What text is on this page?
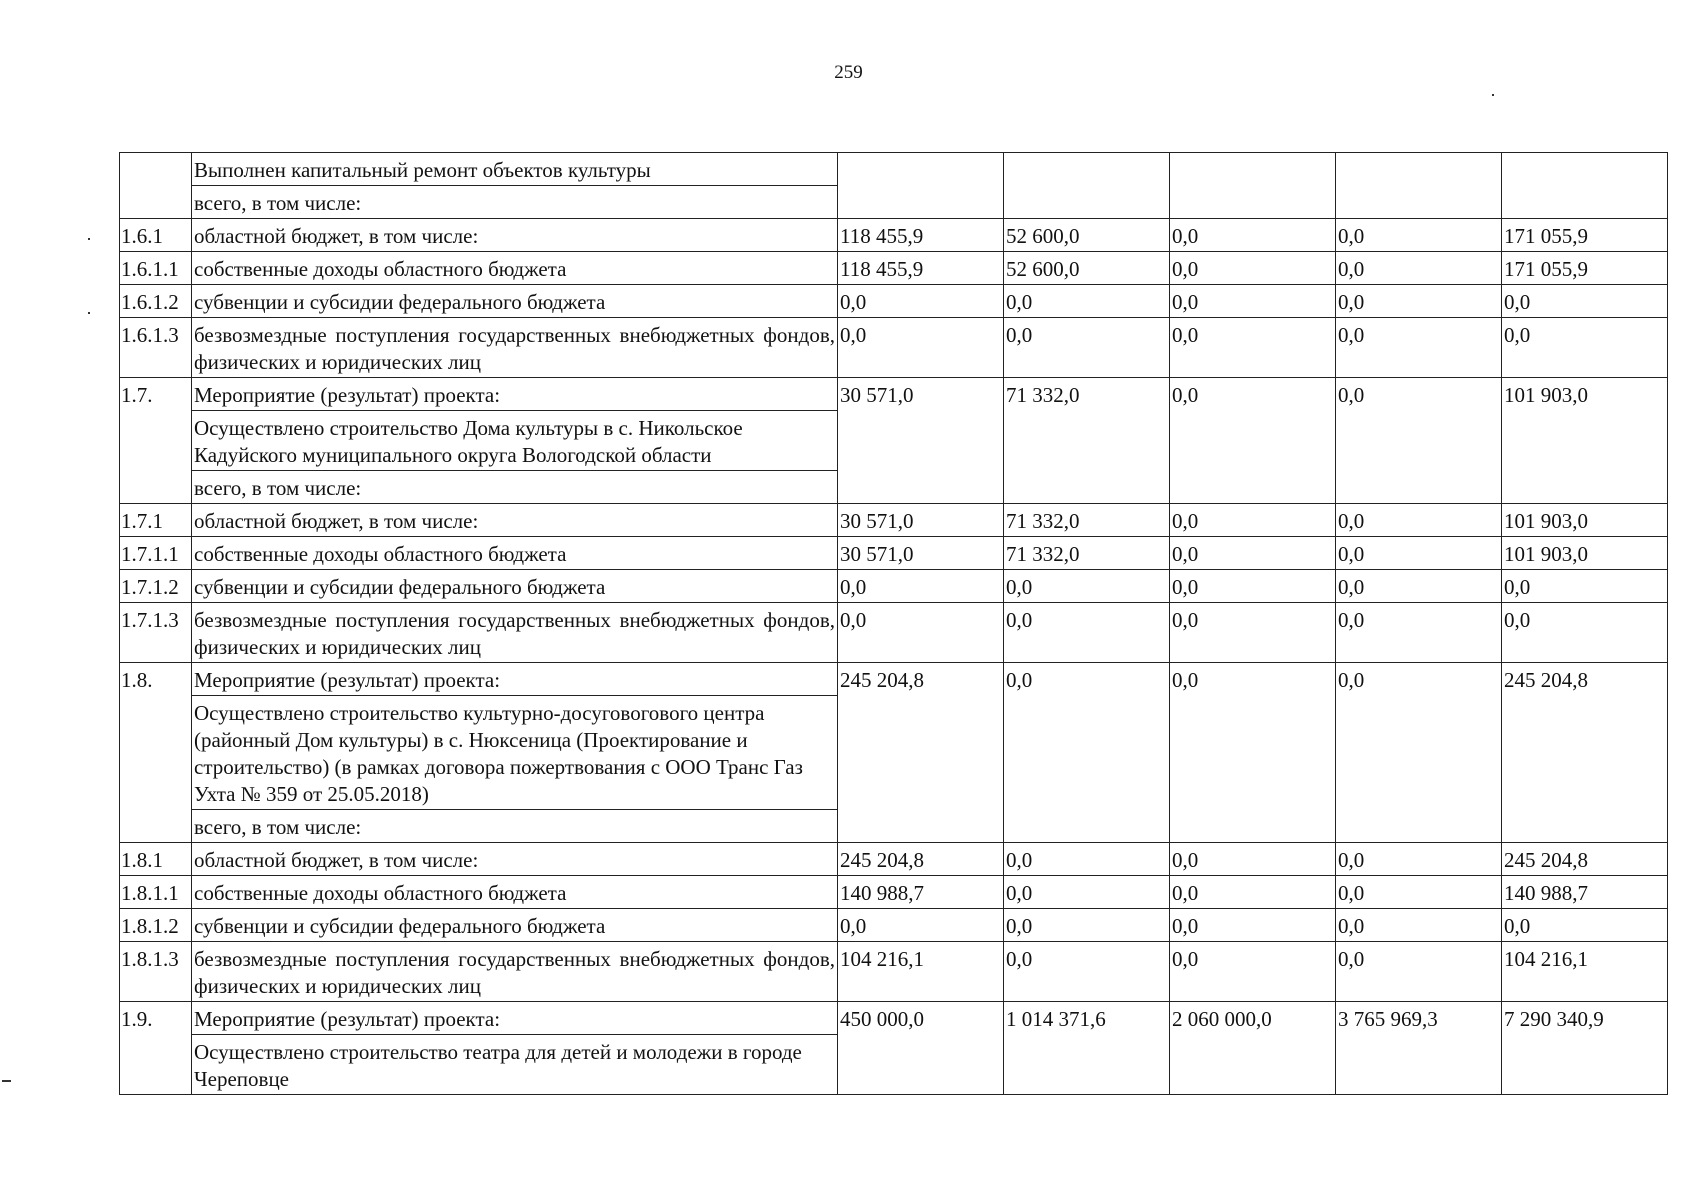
259
	Выполнен капитальный ремонт объектов культуры					
	всего, в том числе:					
1.6.1	областной бюджет, в том числе:	118 455,9	52 600,0	0,0	0,0	171 055,9
1.6.1.1	собственные доходы областного бюджета	118 455,9	52 600,0	0,0	0,0	171 055,9
1.6.1.2	субвенции и субсидии федерального бюджета	0,0	0,0	0,0	0,0	0,0
1.6.1.3	безвозмездные поступления государственных внебюджетных фондов, физических и юридических лиц	0,0	0,0	0,0	0,0	0,0
1.7.	Мероприятие (результат) проекта:	30 571,0	71 332,0	0,0	0,0	101 903,0
	Осуществлено строительство Дома культуры в с. Никольское Кадуйского муниципального округа Вологодской области					
	всего, в том числе:					
1.7.1	областной бюджет, в том числе:	30 571,0	71 332,0	0,0	0,0	101 903,0
1.7.1.1	собственные доходы областного бюджета	30 571,0	71 332,0	0,0	0,0	101 903,0
1.7.1.2	субвенции и субсидии федерального бюджета	0,0	0,0	0,0	0,0	0,0
1.7.1.3	безвозмездные поступления государственных внебюджетных фондов, физических и юридических лиц	0,0	0,0	0,0	0,0	0,0
1.8.	Мероприятие (результат) проекта:	245 204,8	0,0	0,0	0,0	245 204,8
	Осуществлено строительство культурно-досуговогового центра (районный Дом культуры) в с. Нюксеница (Проектирование и строительство) (в рамках договора пожертвования с ООО Транс Газ Ухта № 359 от 25.05.2018)					
	всего, в том числе:					
1.8.1	областной бюджет, в том числе:	245 204,8	0,0	0,0	0,0	245 204,8
1.8.1.1	собственные доходы областного бюджета	140 988,7	0,0	0,0	0,0	140 988,7
1.8.1.2	субвенции и субсидии федерального бюджета	0,0	0,0	0,0	0,0	0,0
1.8.1.3	безвозмездные поступления государственных внебюджетных фондов, физических и юридических лиц	104 216,1	0,0	0,0	0,0	104 216,1
1.9.	Мероприятие (результат) проекта:	450 000,0	1 014 371,6	2 060 000,0	3 765 969,3	7 290 340,9
	Осуществлено строительство театра для детей и молодежи в городе Череповце					
